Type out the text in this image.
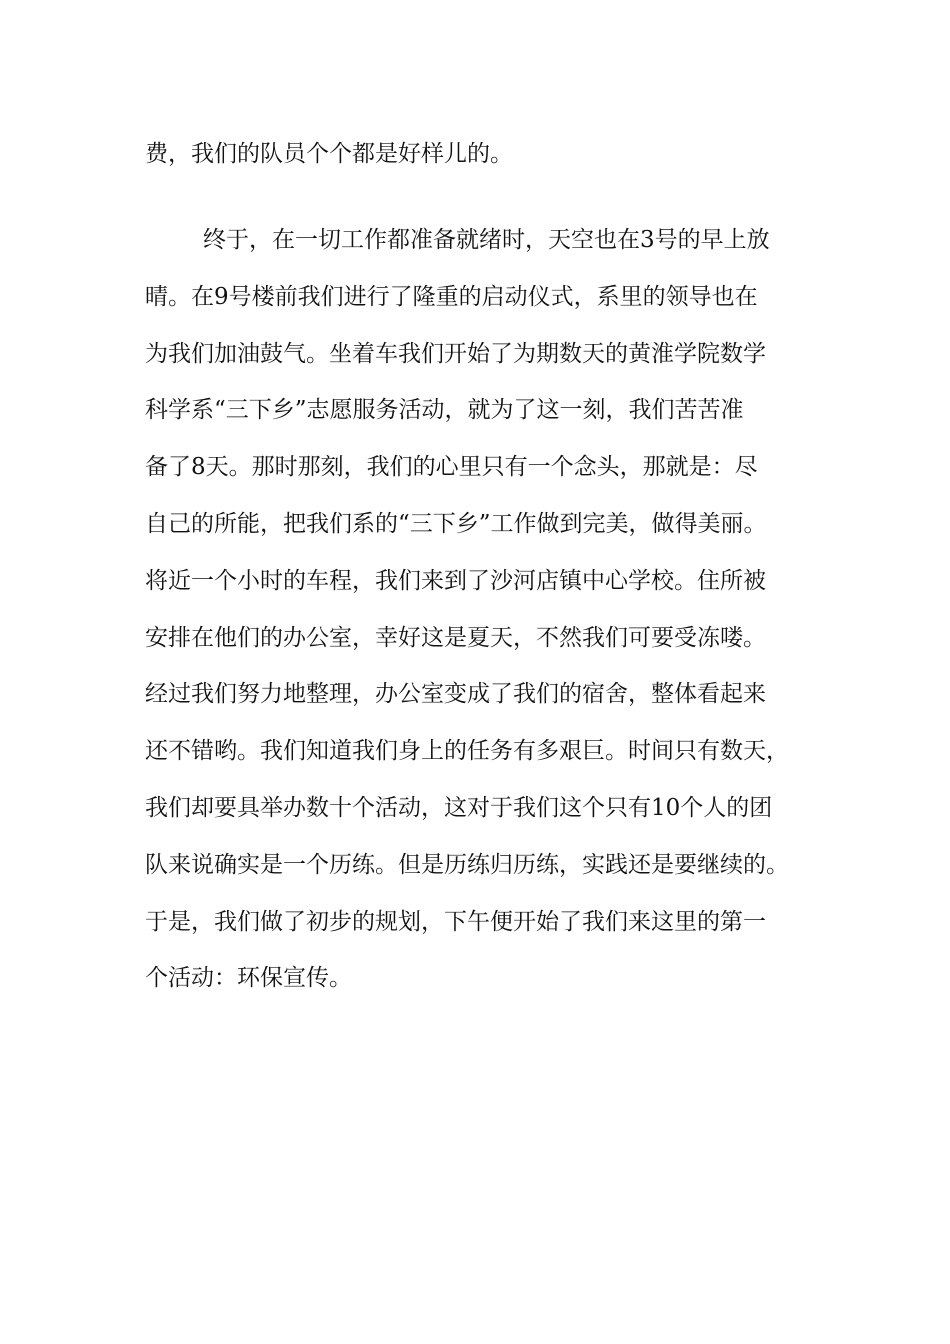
费，我们的队员个个都是好样儿的。
终于，在一切工作都准备就绪时，天空也在3号的早上放
晴。在9号楼前我们进行了隆重的启动仪式，系里的领导也在
为我们加油鼓气。坐着车我们开始了为期数天的黄淮学院数学
科学系“三下乡”志愿服务活动，就为了这一刻，我们苦苦准
备了8天。那时那刻，我们的心里只有一个念头，那就是：尽
自己的所能，把我们系的“三下乡”工作做到完美，做得美丽。
将近一个小时的车程，我们来到了沙河店镇中心学校。住所被
安排在他们的办公室，幸好这是夏天，不然我们可要受冻喽。
经过我们努力地整理，办公室变成了我们的宿舍，整体看起来
还不错哟。我们知道我们身上的任务有多艰巨。时间只有数天，
我们却要具举办数十个活动，这对于我们这个只有10个人的团
队来说确实是一个历练。但是历练归历练，实践还是要继续的。
于是，我们做了初步的规划，下午便开始了我们来这里的第一
个活动：环保宣传。
